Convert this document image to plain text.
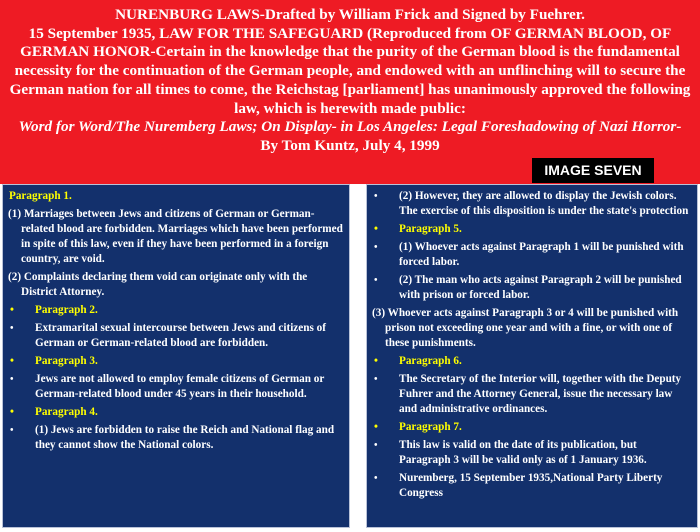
NURENBURG LAWS-Drafted by William Frick and Signed by Fuehrer.
15 September 1935, LAW FOR THE SAFEGUARD (Reproduced from OF GERMAN BLOOD, OF GERMAN HONOR-Certain in the knowledge that the purity of the German blood is the fundamental necessity for the continuation of the German people, and endowed with an unflinching will to secure the German nation for all times to come, the Reichstag [parliament] has unanimously approved the following law, which is herewith made public:
Word for Word/The Nuremberg Laws; On Display- in Los Angeles: Legal Foreshadowing of Nazi Horror- By Tom Kuntz, July 4, 1999

IMAGE SEVEN
Paragraph 1.
(1) Marriages between Jews and citizens of German or German-related blood are forbidden. Marriages which have been performed in spite of this law, even if they have been performed in a foreign country, are void.
(2) Complaints declaring them void can originate only with the District Attorney.
• Paragraph 2.
• Extramarital sexual intercourse between Jews and citizens of German or German-related blood are forbidden.
• Paragraph 3.
• Jews are not allowed to employ female citizens of German or German-related blood under 45 years in their household.
• Paragraph 4.
• (1) Jews are forbidden to raise the Reich and National flag and they cannot show the National colors.
• (2) However, they are allowed to display the Jewish colors. The exercise of this disposition is under the state's protection
• Paragraph 5.
• (1) Whoever acts against Paragraph 1 will be punished with forced labor.
• (2) The man who acts against Paragraph 2 will be punished with prison or forced labor.
(3) Whoever acts against Paragraph 3 or 4 will be punished with prison not exceeding one year and with a fine, or with one of these punishments.
• Paragraph 6.
• The Secretary of the Interior will, together with the Deputy Fuhrer and the Attorney General, issue the necessary law and administrative ordinances.
• Paragraph 7.
• This law is valid on the date of its publication, but Paragraph 3 will be valid only as of 1 January 1936.
• Nuremberg, 15 September 1935,National Party Liberty Congress
